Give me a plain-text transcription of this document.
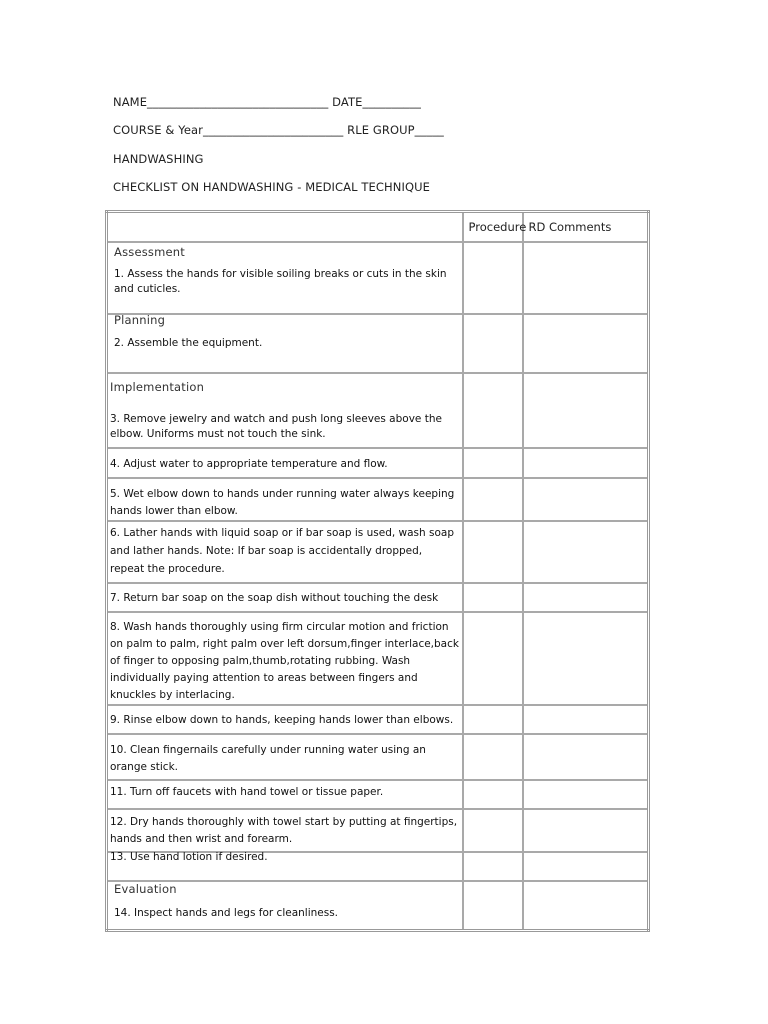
NAME_______________________________ DATE__________
COURSE & Year________________________ RLE GROUP_____
HANDWASHING
CHECKLIST ON HANDWASHING - MEDICAL TECHNIQUE

	Procedure	RD Comments

Assessment
1. Assess the hands for visible soiling breaks or cuts in the skin and cuticles.		

Planning
2. Assemble the equipment.		

Implementation
3. Remove jewelry and watch and push long sleeves above the elbow. Uniforms must not touch the sink.		

4. Adjust water to appropriate temperature and flow.		

5. Wet elbow down to hands under running water always keeping hands lower than elbow.		

6. Lather hands with liquid soap or if bar soap is used, wash soap and lather hands. Note: If bar soap is accidentally dropped, repeat the procedure.		

7. Return bar soap on the soap dish without touching the desk		

8. Wash hands thoroughly using firm circular motion and friction on palm to palm, right palm over left dorsum,finger interlace,back of finger to opposing palm,thumb,rotating rubbing. Wash individually paying attention to areas between fingers and knuckles by interlacing.		

9. Rinse elbow down to hands, keeping hands lower than elbows.		

10. Clean fingernails carefully under running water using an orange stick.		

11. Turn off faucets with hand towel or tissue paper.		

12. Dry hands thoroughly with towel start by putting at fingertips, hands and then wrist and forearm.		

13. Use hand lotion if desired.		

Evaluation
14. Inspect hands and legs for cleanliness.		
